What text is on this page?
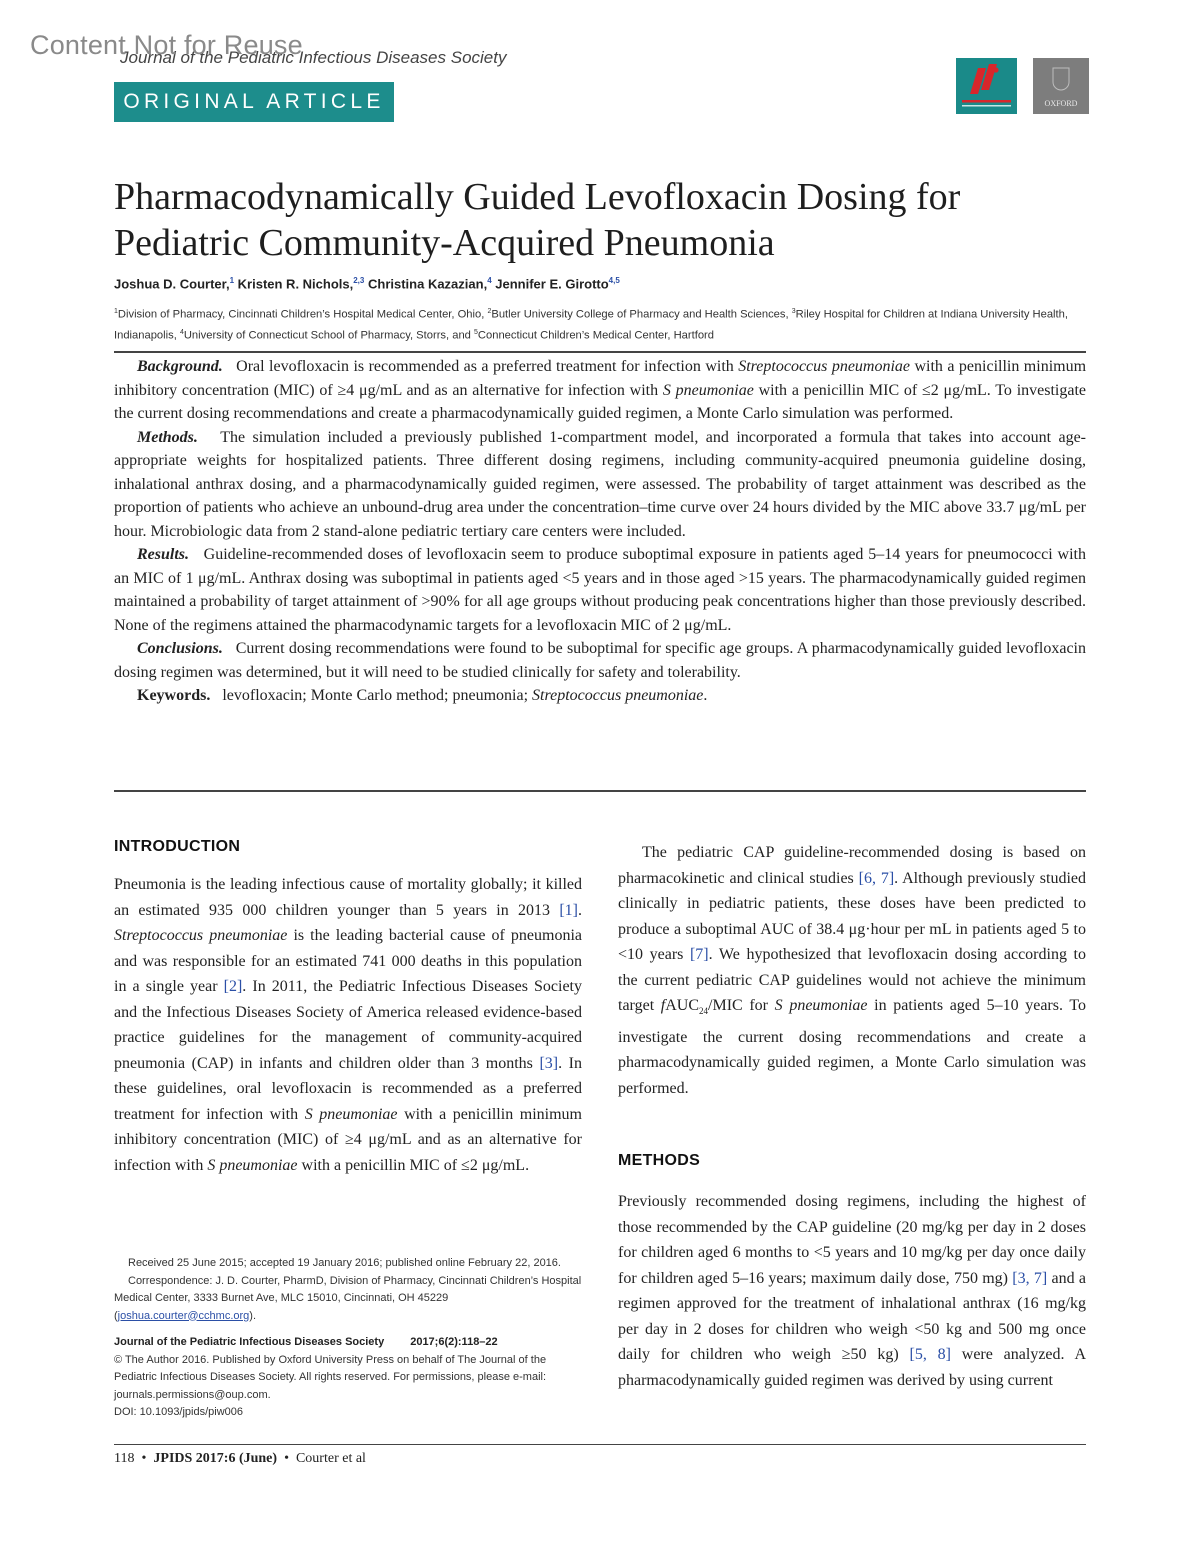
Journal of the Pediatric Infectious Diseases Society
Content Not for Reuse
ORIGINAL ARTICLE	OXFORD
Pharmacodynamically Guided Levofloxacin Dosing for Pediatric Community-Acquired Pneumonia
Joshua D. Courter,$^1$ Kristen R. Nichols,$^{2,3}$ Christina Kazazian,$^4$ Jennifer E. Girotto$^{4,5}$
$^1$Division of Pharmacy, Cincinnati Children’s Hospital Medical Center, Ohio, $^2$Butler University College of Pharmacy and Health Sciences, $^3$Riley Hospital for Children at Indiana University Health, Indianapolis, $^4$University of Connecticut School of Pharmacy, Storrs, and $^5$Connecticut Children’s Medical Center, Hartford

Background. Oral levofloxacin is recommended as a preferred treatment for infection with Streptococcus pneumoniae with a penicillin minimum inhibitory concentration (MIC) of ≥4 μg/mL and as an alternative for infection with S pneumoniae with a penicillin MIC of ≤2 μg/mL. To investigate the current dosing recommendations and create a pharmacodynamically guided regimen, a Monte Carlo simulation was performed.

Methods. The simulation included a previously published 1-compartment model, and incorporated a formula that takes into account age-appropriate weights for hospitalized patients. Three different dosing regimens, including community-acquired pneumonia guideline dosing, inhalational anthrax dosing, and a pharmacodynamically guided regimen, were assessed. The probability of target attainment was described as the proportion of patients who achieve an unbound-drug area under the concentration–time curve over 24 hours divided by the MIC above 33.7 μg/mL per hour. Microbiologic data from 2 stand-alone pediatric tertiary care centers were included.

Results. Guideline-recommended doses of levofloxacin seem to produce suboptimal exposure in patients aged 5–14 years for pneumococci with an MIC of 1 μg/mL. Anthrax dosing was suboptimal in patients aged <5 years and in those aged >15 years. The pharmacodynamically guided regimen maintained a probability of target attainment of >90% for all age groups without producing peak concentrations higher than those previously described. None of the regimens attained the pharmacodynamic targets for a levofloxacin MIC of 2 μg/mL.

Conclusions. Current dosing recommendations were found to be suboptimal for specific age groups. A pharmacodynamically guided levofloxacin dosing regimen was determined, but it will need to be studied clinically for safety and tolerability.

Keywords. levofloxacin; Monte Carlo method; pneumonia; Streptococcus pneumoniae.

INTRODUCTION

Pneumonia is the leading infectious cause of mortality globally; it killed an estimated 935 000 children younger than 5 years in 2013 [1]. Streptococcus pneumoniae is the leading bacterial cause of pneumonia and was responsible for an estimated 741 000 deaths in this population in a single year [2]. In 2011, the Pediatric Infectious Diseases Society and the Infectious Diseases Society of America released evidence-based practice guidelines for the management of community-acquired pneumonia (CAP) in infants and children older than 3 months [3]. In these guidelines, oral levofloxacin is recommended as a preferred treatment for infection with S pneumoniae with a penicillin minimum inhibitory concentration (MIC) of ≥4 μg/mL and as an alternative for infection with S pneumoniae with a penicillin MIC of ≤2 μg/mL.

Received 25 June 2015; accepted 19 January 2016; published online February 22, 2016.

Correspondence: J. D. Courter, PharmD, Division of Pharmacy, Cincinnati Children’s Hospital Medical Center, 3333 Burnet Ave, MLC 15010, Cincinnati, OH 45229 (joshua.courter@cchmc.org).

Journal of the Pediatric Infectious Diseases Society 2017;6(2):118–22

© The Author 2016. Published by Oxford University Press on behalf of The Journal of the Pediatric Infectious Diseases Society. All rights reserved. For permissions, please e-mail: journals.permissions@oup.com.

DOI: 10.1093/jpids/piw006

The pediatric CAP guideline-recommended dosing is based on pharmacokinetic and clinical studies [6, 7]. Although previously studied clinically in pediatric patients, these doses have been predicted to produce a suboptimal AUC of 38.4 μg·hour per mL in patients aged 5 to <10 years [7]. We hypothesized that levofloxacin dosing according to the current pediatric CAP guidelines would not achieve the minimum target fAUC$_{24}$/MIC for S pneumoniae in patients aged 5–10 years. To investigate the current dosing recommendations and create a pharmacodynamically guided regimen, a Monte Carlo simulation was performed.

METHODS

Previously recommended dosing regimens, including the highest of those recommended by the CAP guideline (20 mg/kg per day in 2 doses for children aged 6 months to <5 years and 10 mg/kg per day once daily for children aged 5–16 years; maximum daily dose, 750 mg) [3, 7] and a regimen approved for the treatment of inhalational anthrax (16 mg/kg per day in 2 doses for children who weigh <50 kg and 500 mg once daily for children who weigh ≥50 kg) [5, 8] were analyzed. A pharmacodynamically guided regimen was derived by using current

118 • JPIDS 2017:6 (June) • Courter et al
